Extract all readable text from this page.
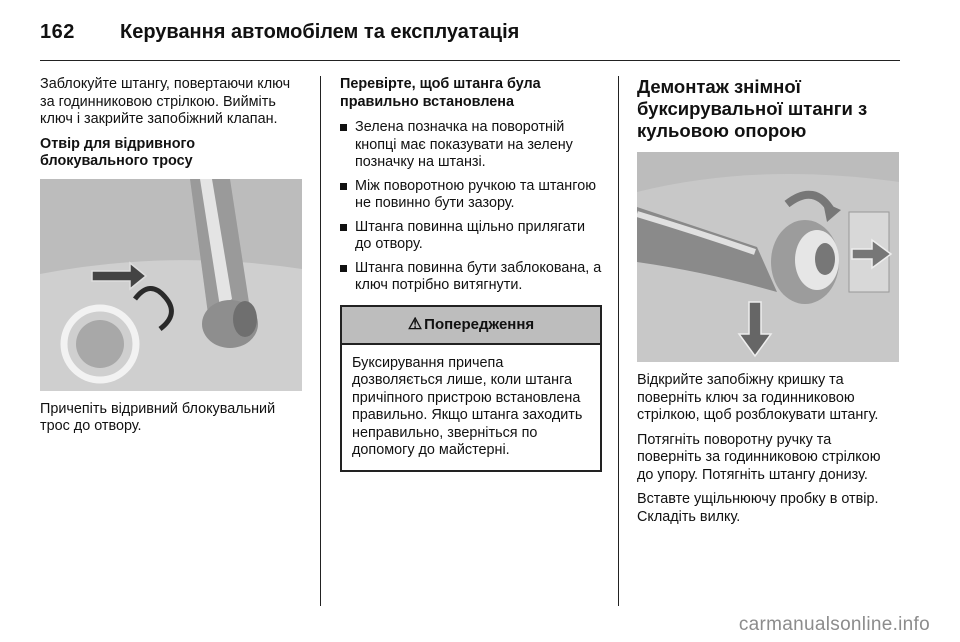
162	Керування автомобілем та експлуатація

Заблокуйте штангу, повертаючи ключ за годинниковою стрілкою. Вийміть ключ і закрийте запобіжний клапан.

Отвір для відривного блокувального тросу

Причепіть відривний блокувальний трос до отвору.

Перевірте, щоб штанга була правильно встановлена
Зелена позначка на поворотній кнопці має показувати на зелену позначку на штанзі.
Між поворотною ручкою та штангою не повинно бути зазору.
Штанга повинна щільно прилягати до отвору.
Штанга повинна бути заблокована, а ключ потрібно витягнути.
⚠ Попередження
Буксирування причепа дозволяється лише, коли штанга причіпного пристрою встановлена правильно. Якщо штанга заходить неправильно, зверніться по допомогу до майстерні.
Демонтаж знімної буксирувальної штанги з кульовою опорою

Відкрийте запобіжну кришку та поверніть ключ за годинниковою стрілкою, щоб розблокувати штангу.

Потягніть поворотну ручку та поверніть за годинниковою стрілкою до упору. Потягніть штангу донизу.

Вставте ущільнюючу пробку в отвір. Складіть вилку.

carmanualsonline.info
